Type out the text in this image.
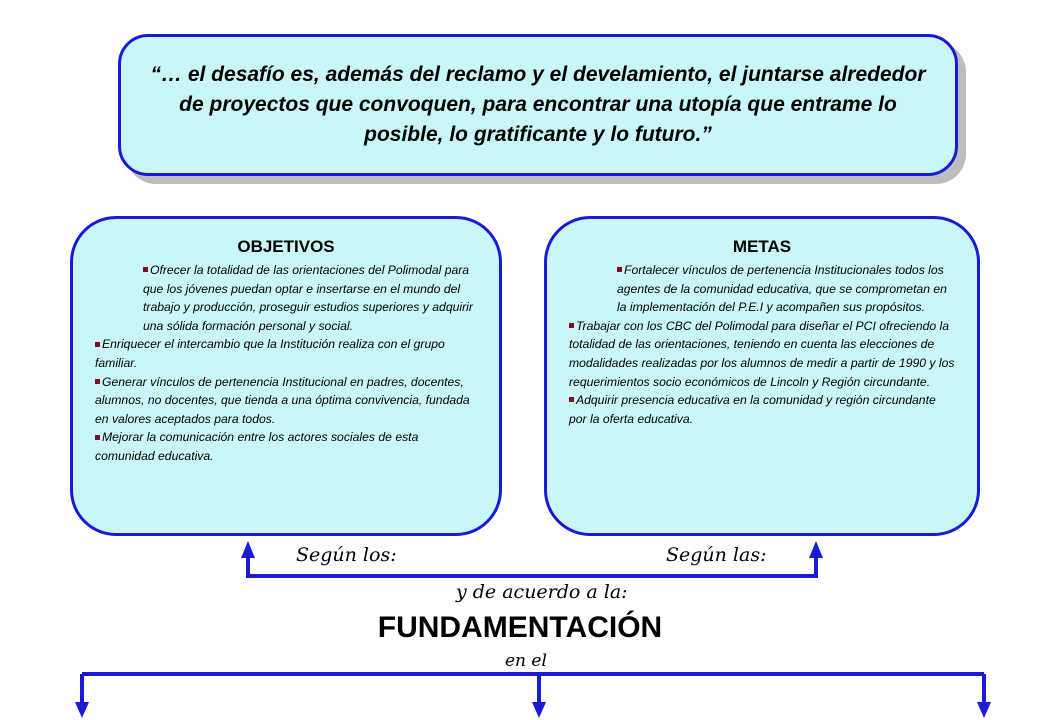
“… el desafío es, además del reclamo y el develamiento, el juntarse alrededor de proyectos que convoquen, para encontrar una utopía que entrame lo posible, lo gratificante y lo futuro.”

OBJETIVOS
Ofrecer la totalidad de las orientaciones del Polimodal para que los jóvenes puedan optar e insertarse en el mundo del trabajo y producción, proseguir estudios superiores y adquirir una sólida formación personal y social.
Enriquecer el intercambio que la Institución realiza con el grupo familiar.
Generar vínculos de pertenencia Institucional en padres, docentes, alumnos, no docentes, que tienda a una óptima convivencia, fundada en valores aceptados para todos.
Mejorar la comunicación entre los actores sociales de esta comunidad educativa.
METAS
Fortalecer vínculos de pertenencia Institucionales todos los agentes de la comunidad educativa, que se comprometan en la implementación del P.E.I y acompañen sus propósitos.
Trabajar con los CBC del Polimodal para diseñar el PCI ofreciendo la totalidad de las orientaciones, teniendo en cuenta las elecciones de modalidades realizadas por los alumnos de medir a partir de 1990 y los requerimientos socio económicos de Lincoln y Región circundante.
Adquirir presencia educativa en la comunidad y región circundante por la oferta educativa.
Según los:	Según las:
y de acuerdo a la:
FUNDAMENTACIÓN
en el
